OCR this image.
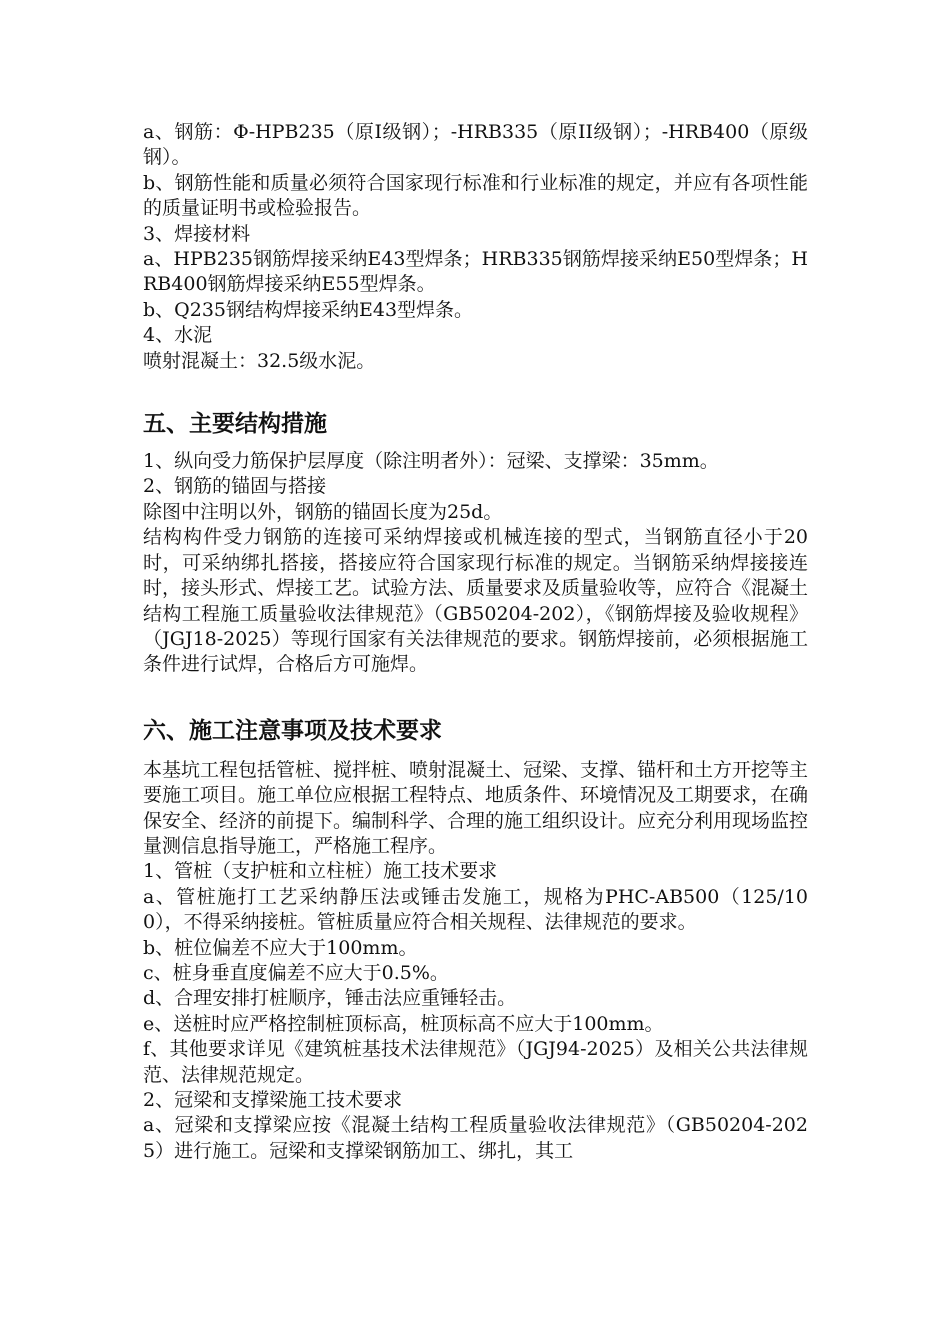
a、钢筋：Φ-HPB235（原I级钢）；-HRB335（原II级钢）；-HRB400（原级钢）。

b、钢筋性能和质量必须符合国家现行标准和行业标准的规定，并应有各项性能的质量证明书或检验报告。

3、焊接材料

a、HPB235钢筋焊接采纳E43型焊条；HRB335钢筋焊接采纳E50型焊条；HRB400钢筋焊接采纳E55型焊条。

b、Q235钢结构焊接采纳E43型焊条。

4、水泥

喷射混凝土：32.5级水泥。

五、主要结构措施

1、纵向受力筋保护层厚度（除注明者外）：冠梁、支撑梁：35mm。

2、钢筋的锚固与搭接

除图中注明以外，钢筋的锚固长度为25d。

结构构件受力钢筋的连接可采纳焊接或机械连接的型式，当钢筋直径小于20时，可采纳绑扎搭接，搭接应符合国家现行标准的规定。当钢筋采纳焊接接连时，接头形式、焊接工艺。试验方法、质量要求及质量验收等，应符合《混凝土结构工程施工质量验收法律规范》（GB50204-202），《钢筋焊接及验收规程》（JGJ18-2025）等现行国家有关法律规范的要求。钢筋焊接前，必须根据施工条件进行试焊，合格后方可施焊。

六、施工注意事项及技术要求

本基坑工程包括管桩、搅拌桩、喷射混凝土、冠梁、支撑、锚杆和土方开挖等主要施工项目。施工单位应根据工程特点、地质条件、环境情况及工期要求，在确保安全、经济的前提下。编制科学、合理的施工组织设计。应充分利用现场监控量测信息指导施工，严格施工程序。

1、管桩（支护桩和立柱桩）施工技术要求

a、管桩施打工艺采纳静压法或锤击发施工，规格为PHC-AB500（125/100），不得采纳接桩。管桩质量应符合相关规程、法律规范的要求。

b、桩位偏差不应大于100mm。

c、桩身垂直度偏差不应大于0.5%。

d、合理安排打桩顺序，锤击法应重锤轻击。

e、送桩时应严格控制桩顶标高，桩顶标高不应大于100mm。

f、其他要求详见《建筑桩基技术法律规范》（JGJ94-2025）及相关公共法律规范、法律规范规定。

2、冠梁和支撑梁施工技术要求

a、冠梁和支撑梁应按《混凝土结构工程质量验收法律规范》（GB50204-2025）进行施工。冠梁和支撑梁钢筋加工、绑扎，其工
